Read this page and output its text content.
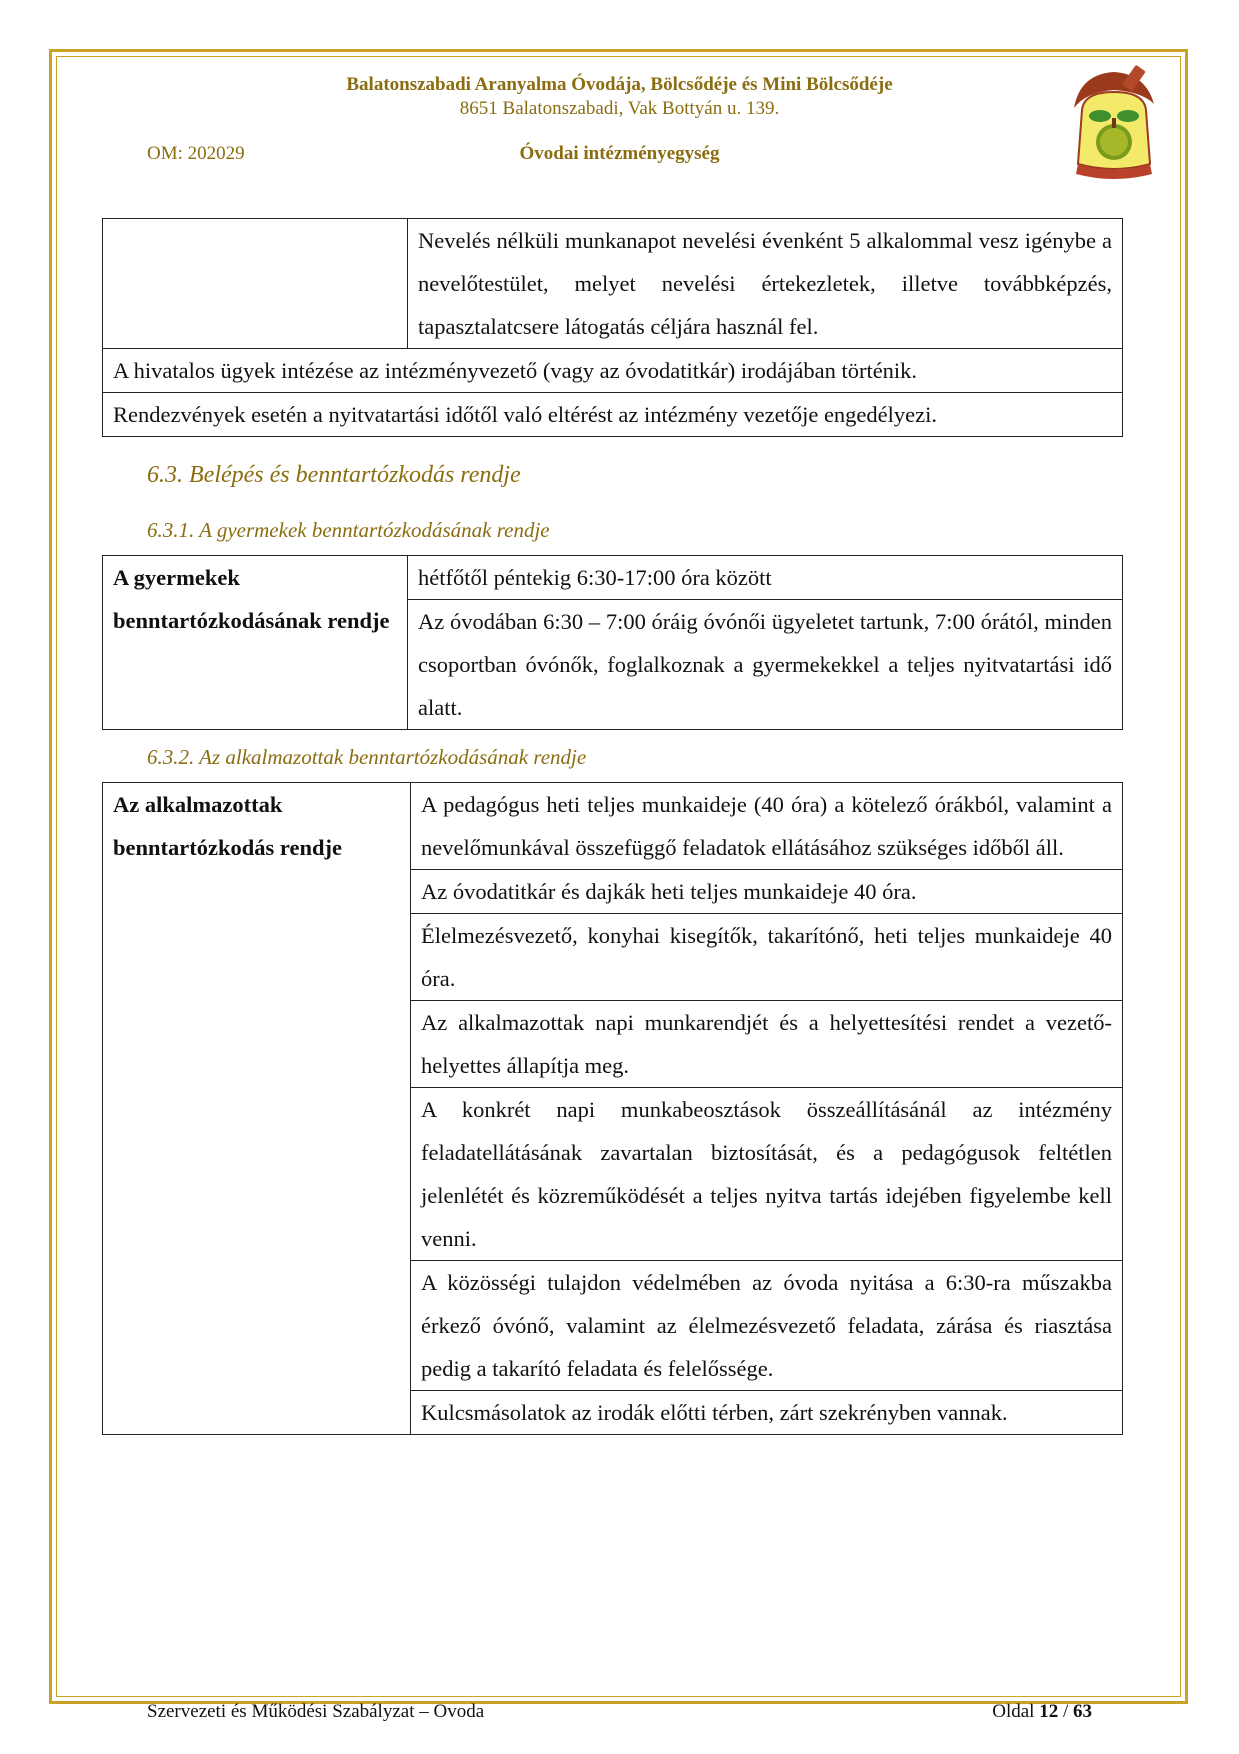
Balatonszabadi Aranyalma Óvodája, Bölcsődéje és Mini Bölcsődéje
8651 Balatonszabadi, Vak Bottyán u. 139.
OM: 202029	Óvodai intézményegység
	Nevelés nélküli munkanapot nevelési évenként 5 alkalommal vesz igénybe a nevelőtestület, melyet nevelési értekezletek, illetve továbbképzés, tapasztalatcsere látogatás céljára használ fel.
A hivatalos ügyek intézése az intézményvezető (vagy az óvodatitkár) irodájában történik.
Rendezvények esetén a nyitvatartási időtől való eltérést az intézmény vezetője engedélyezi.
6.3. Belépés és benntartózkodás rendje
6.3.1. A gyermekek benntartózkodásának rendje
A gyermekek benntartózkodásának rendje	hétfőtől péntekig 6:30-17:00 óra között
Az óvodában 6:30 – 7:00 óráig óvónői ügyeletet tartunk, 7:00 órától, minden csoportban óvónők, foglalkoznak a gyermekekkel a teljes nyitvatartási idő alatt.
6.3.2. Az alkalmazottak benntartózkodásának rendje
Az alkalmazottak benntartózkodás rendje	A pedagógus heti teljes munkaideje (40 óra) a kötelező órákból, valamint a nevelőmunkával összefüggő feladatok ellátásához szükséges időből áll.
Az óvodatitkár és dajkák heti teljes munkaideje 40 óra.
Élelmezésvezető, konyhai kisegítők, takarítónő, heti teljes munkaideje 40 óra.
Az alkalmazottak napi munkarendjét és a helyettesítési rendet a vezető-helyettes állapítja meg.
A konkrét napi munkabeosztások összeállításánál az intézmény feladatellátásának zavartalan biztosítását, és a pedagógusok feltétlen jelenlétét és közreműködését a teljes nyitva tartás idejében figyelembe kell venni.
A közösségi tulajdon védelmében az óvoda nyitása a 6:30-ra műszakba érkező óvónő, valamint az élelmezésvezető feladata, zárása és riasztása pedig a takarító feladata és felelőssége.
Kulcsmásolatok az irodák előtti térben, zárt szekrényben vannak.
Szervezeti és Működési Szabályzat – Ovoda	Oldal 12 / 63
